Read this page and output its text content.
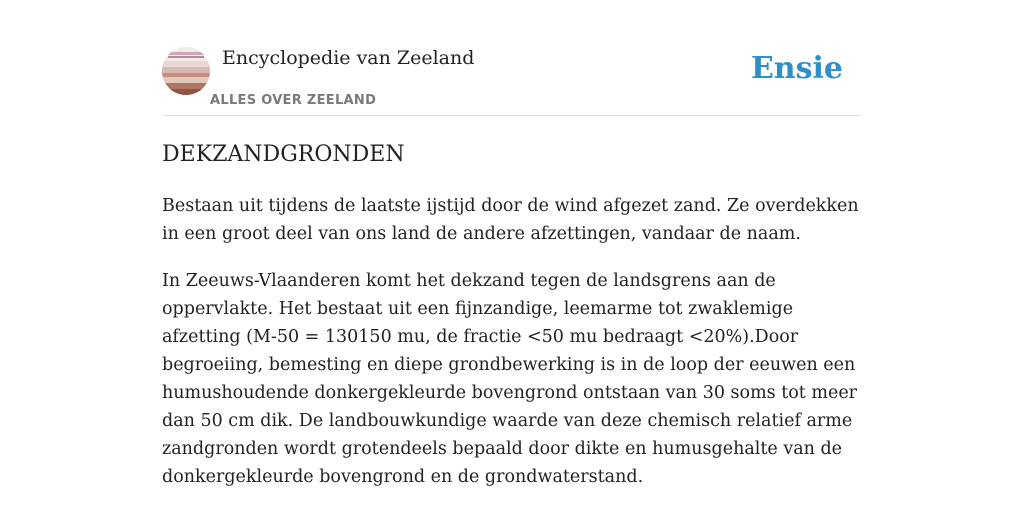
Encyclopedie van Zeeland
ALLES OVER ZEELAND
Ensie
DEKZANDGRONDEN

Bestaan uit tijdens de laatste ijstijd door de wind afgezet zand. Ze overdekken in een groot deel van ons land de andere afzettingen, vandaar de naam.

In Zeeuws-Vlaanderen komt het dekzand tegen de landsgrens aan de oppervlakte. Het bestaat uit een fijnzandige, leemarme tot zwaklemige afzetting (M-50 = 130150 mu, de fractie <50 mu bedraagt <20%).Door begroeiing, bemesting en diepe grondbewerking is in de loop der eeuwen een humushoudende donkergekleurde bovengrond ontstaan van 30 soms tot meer dan 50 cm dik. De landbouwkundige waarde van deze chemisch relatief arme zandgronden wordt grotendeels bepaald door dikte en humusgehalte van de donkergekleurde bovengrond en de grondwaterstand.
